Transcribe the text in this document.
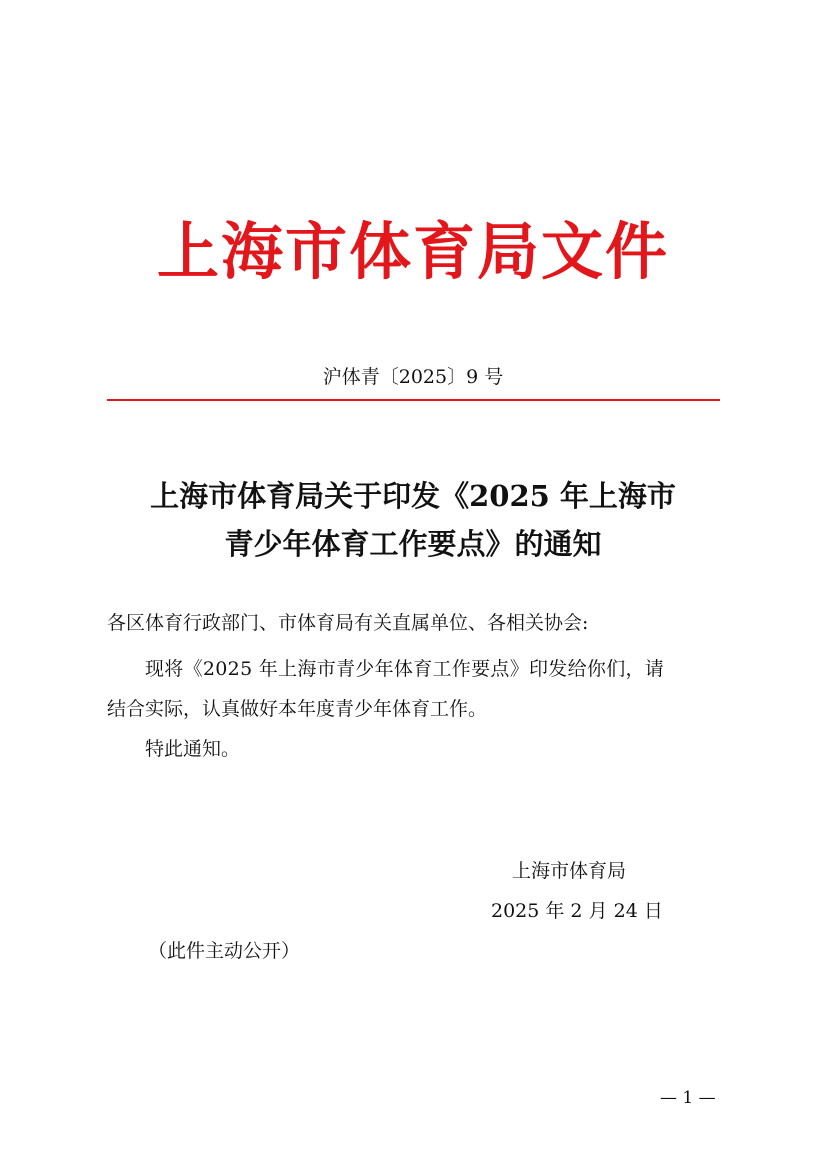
上海市体育局文件
沪体青〔2025〕9 号
上海市体育局关于印发《2025 年上海市
青少年体育工作要点》的通知
各区体育行政部门、市体育局有关直属单位、各相关协会:
现将《2025 年上海市青少年体育工作要点》印发给你们，请
结合实际，认真做好本年度青少年体育工作。
特此通知。
上海市体育局
2025 年 2 月 24 日
（此件主动公开）
— 1 —
